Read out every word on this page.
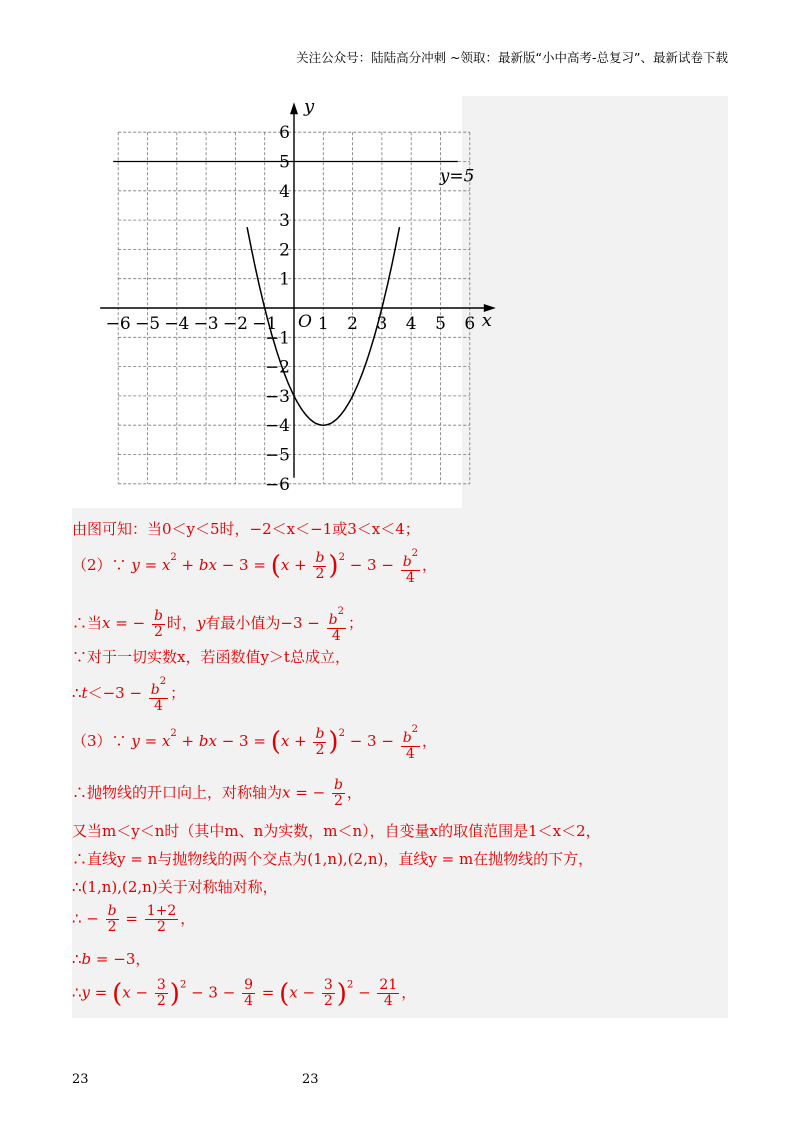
关注公众号：陆陆高分冲刺 ~领取：最新版“小中高考-总复习”、最新试卷下载
−6 −5 −4 −3 −2 −1 1 2 3 4 5 6
6
5
4
3
2
1
−1
−2
−3
−4
−5
−6
O	x
y
y=5
由图可知：当0＜y＜5时，−2＜x＜−1或3＜x＜4；
（2）∵ $y = x^2$ + bx − $3 = (x + \frac{b}{2} )^2 - 3 - \frac{b^2}{4}$ ，
∴当x = − $\frac{b}{2}$ 时，y有最小值为$-3 - \frac{b^2}{4}$ ；
∵对于一切实数x，若函数值y＞t总成立，
∴t＜−3 − $\frac{b^2}{4}$ ；
（3）∵ $y = x^2$ + bx − $3 = (x + \frac{b}{2} )^2 - 3 - \frac{b^2}{4}$ ，
∴抛物线的开口向上，对称轴为x = − $\frac{b}{2}$ ，
又当m＜y＜n时（其中m、n为实数，m＜n），自变量x的取值范围是1＜x＜2，
∴直线y = n与抛物线的两个交点为(1,n),(2,n)，直线y = m在抛物线的下方，
∴(1,n),(2,n)关于对称轴对称，
∴ − $\frac{b}{2} = \frac{1+2}{2}$ ，
∴b = −3，
∴y = $(x - \frac{3}{2} )^2 - 3 - \frac{9}{4} = (x - \frac{3}{2} )^2 - \frac{21}{4}$ ，
23	23
